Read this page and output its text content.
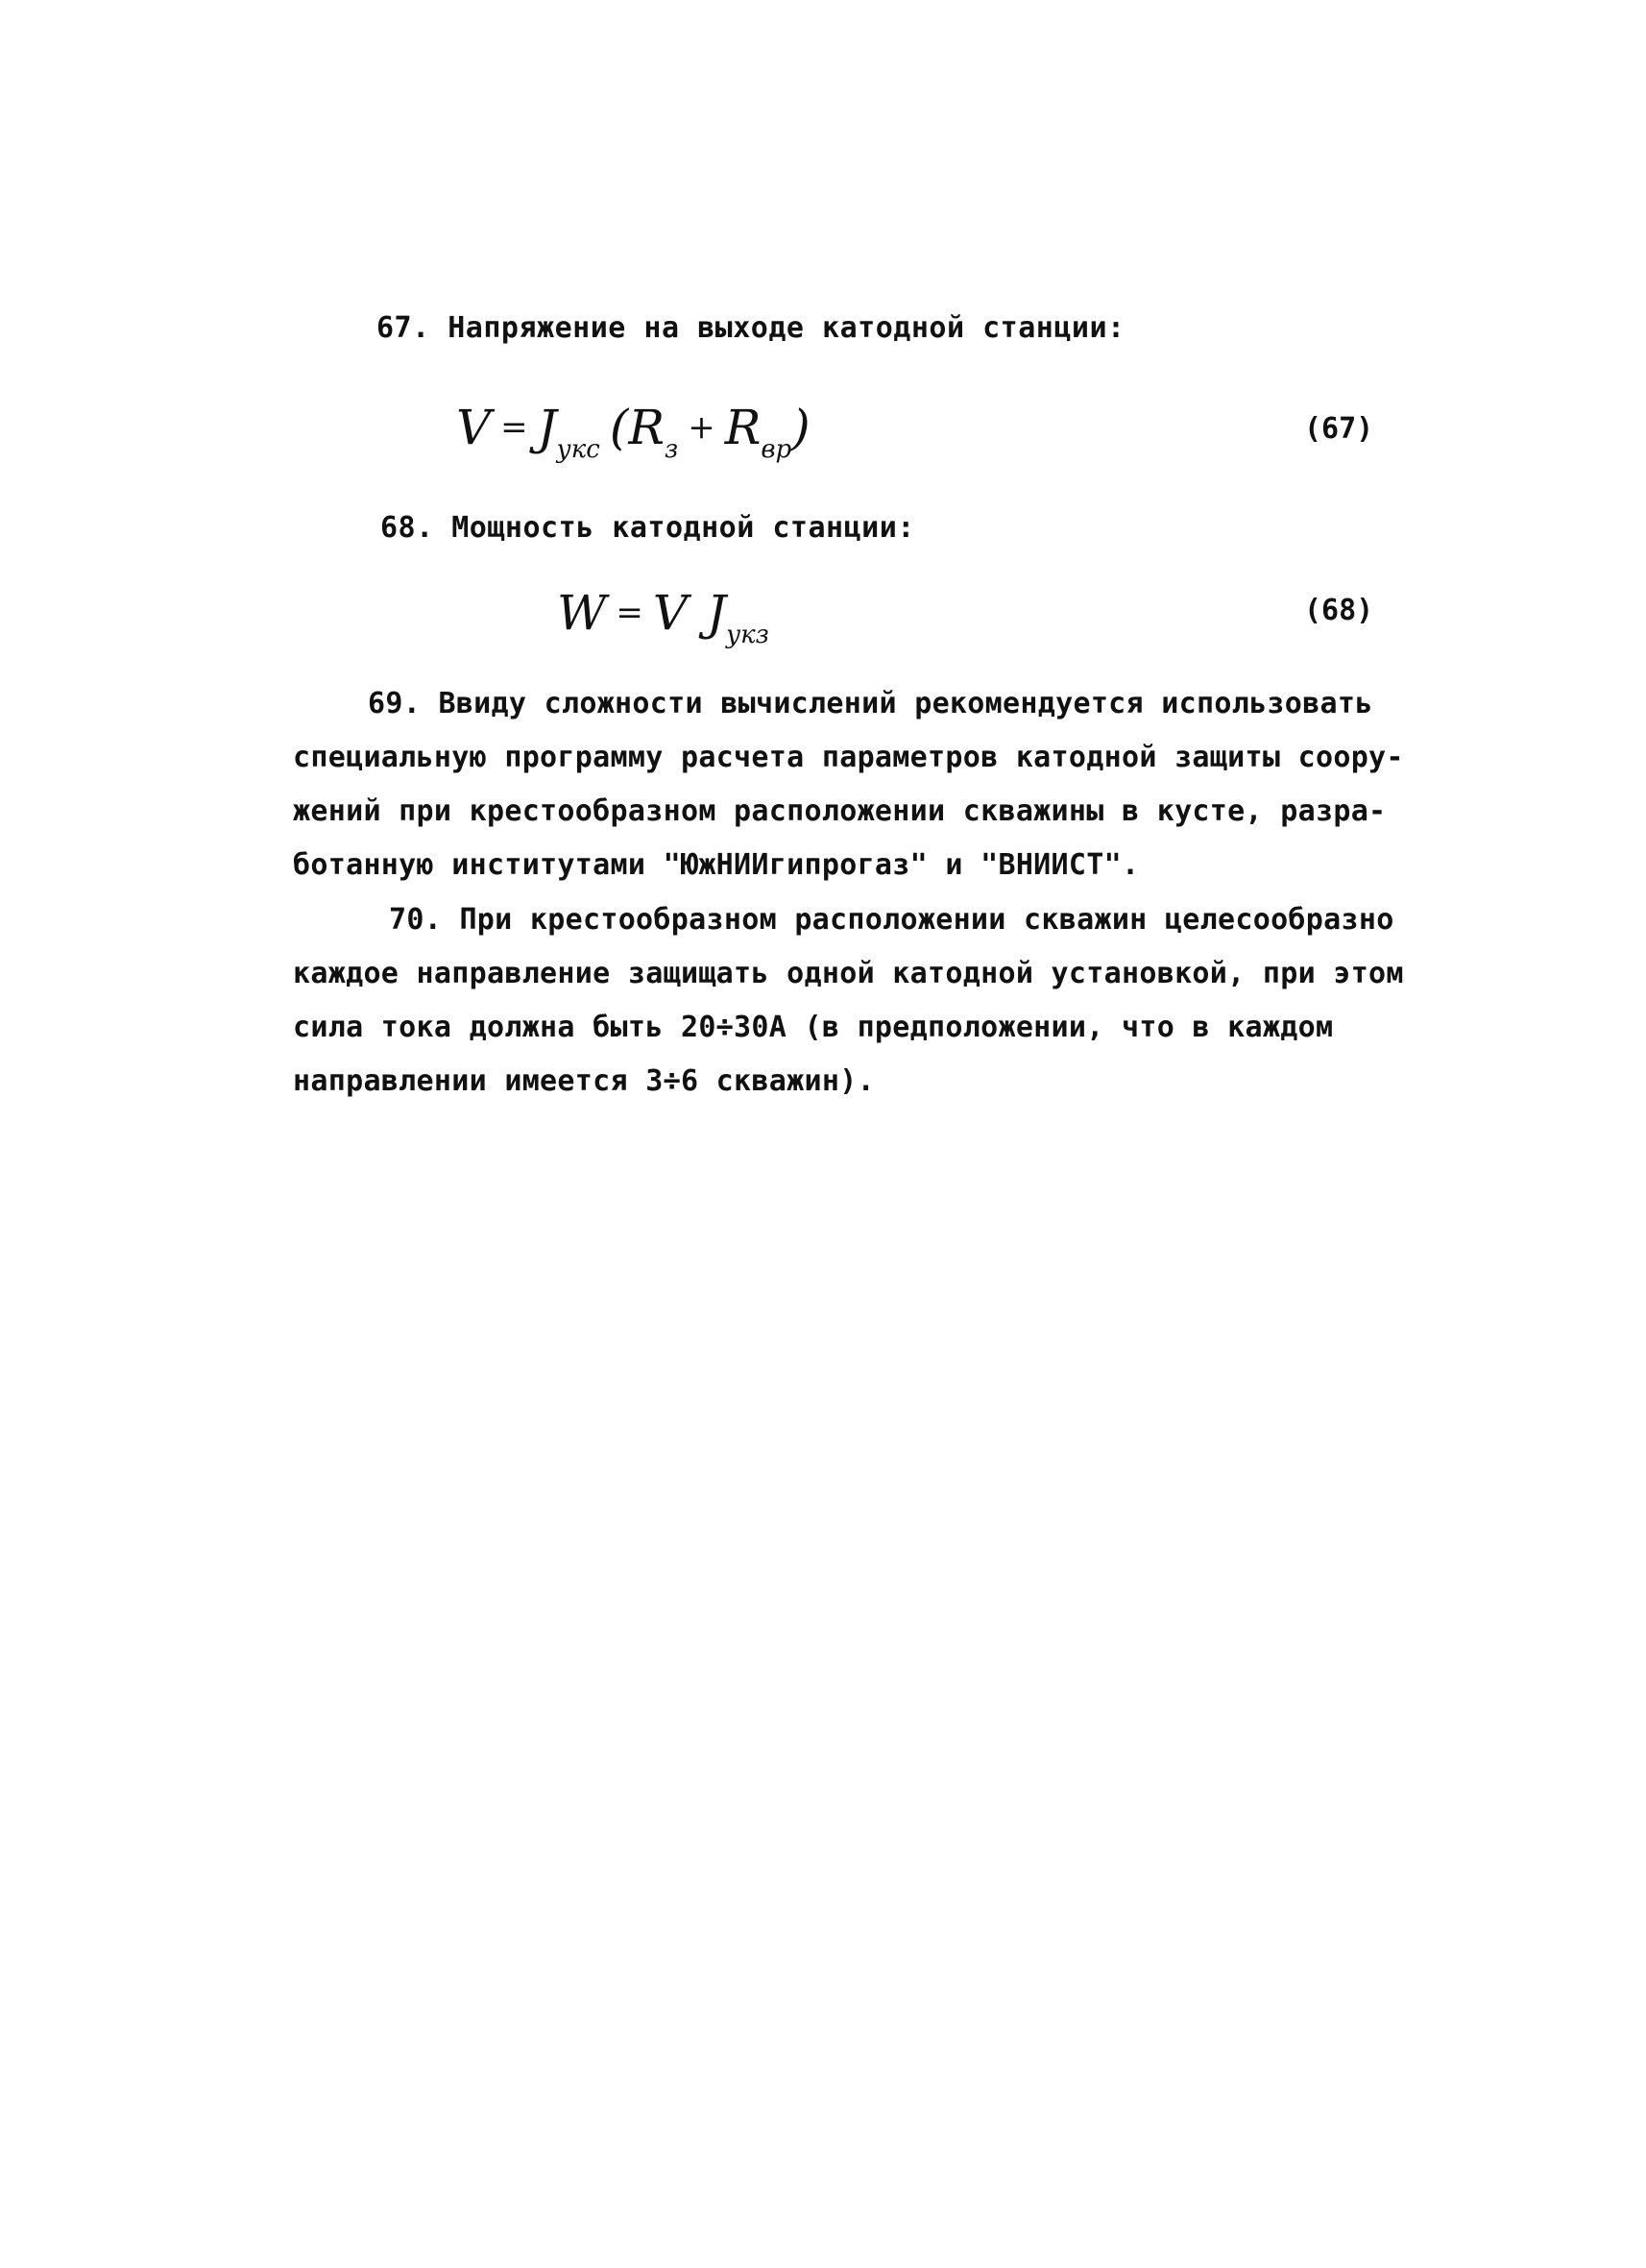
67. Напряжение на выходе катодной станции:
$V = J_{укс}$ $(R_з+ R_{вр})$	(67)
68. Мощность катодной станции:
W = V $J_{укз}$
(68)
69. Ввиду сложности вычислений рекомендуется использовать
специальную программу расчета параметров катодной защиты соору-
жений при крестообразном расположении скважины в кусте, разра-
ботанную институтами "ЮжНИИгипрогаз" и "ВНИИСТ".
70. При крестообразном расположении скважин целесообразно
каждое направление защищать одной катодной установкой, при этом
сила тока должна быть 20÷30А (в предположении, что в каждом
направлении имеется 3÷6 скважин).
